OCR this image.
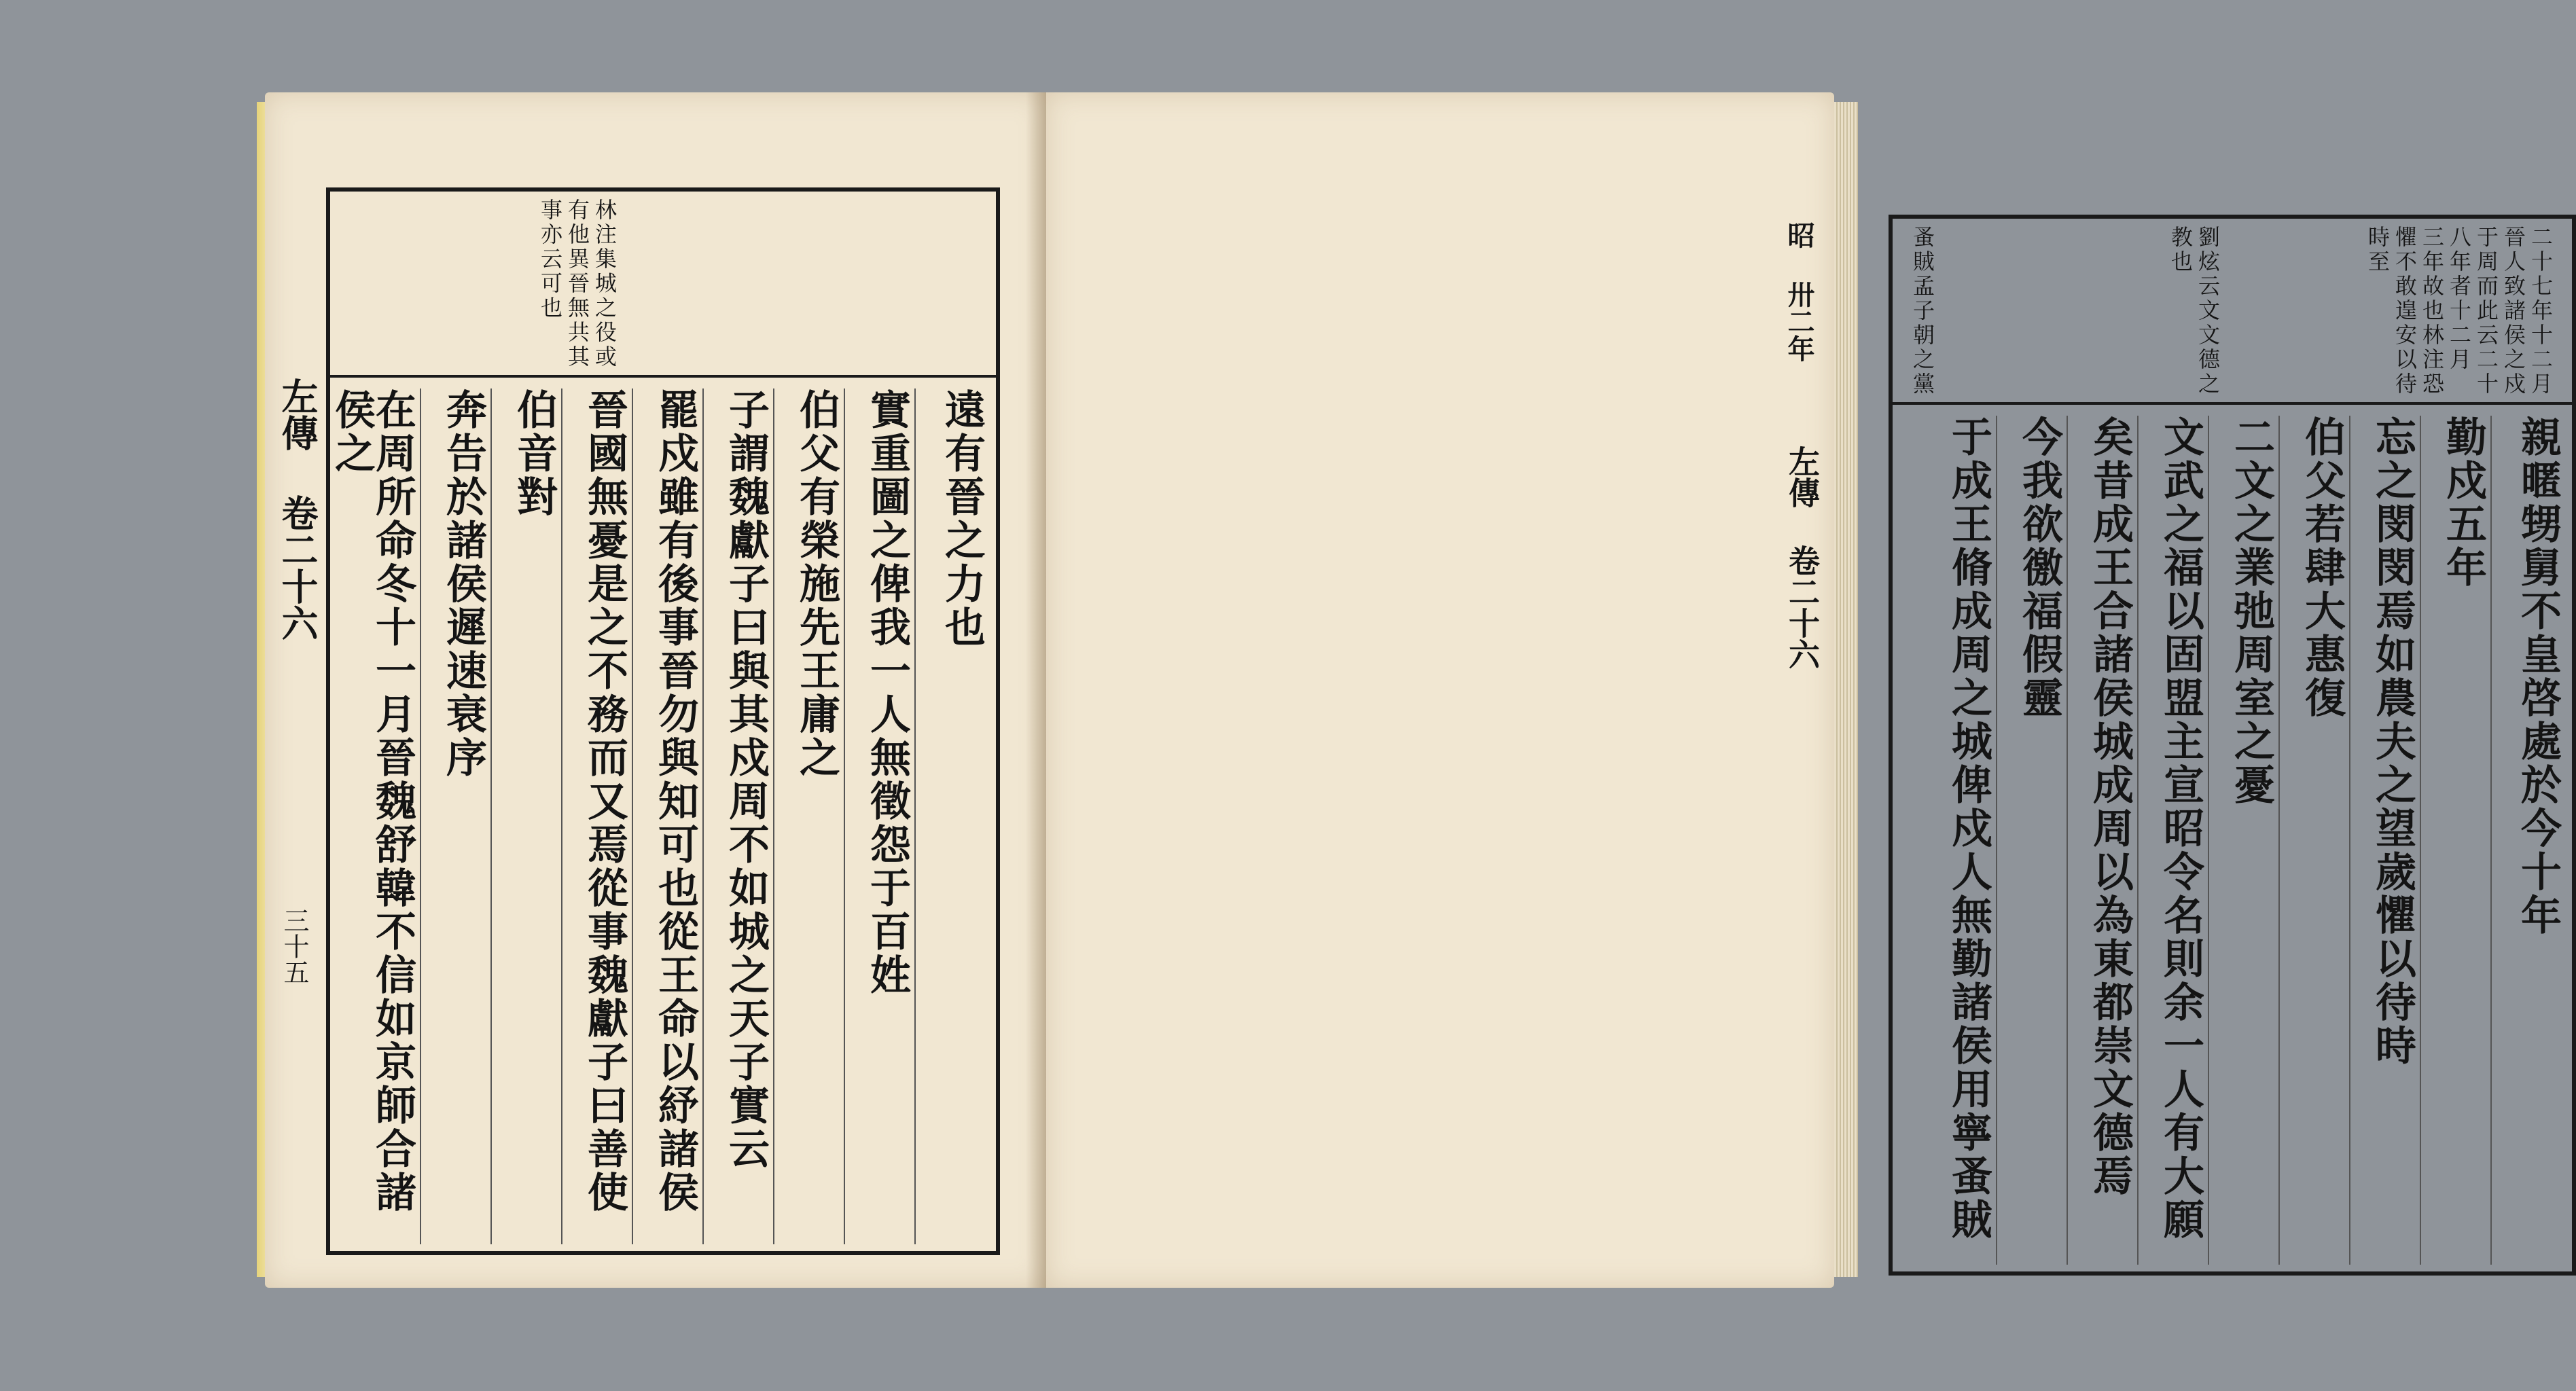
林注集城之役或
有他異晉無共其
事亦云可也
遠有晉之力也
實重圖之俾我一人無徵怨于百姓
伯父有榮施先王庸之
子謂魏獻子曰與其戍周不如城之天子實云
罷戍雖有後事晉勿與知可也從王命以紓諸侯
晉國無憂是之不務而又焉從事魏獻子曰善使
伯音對
奔告於諸侯遲速衰序
在周所命冬十一月晉魏舒韓不信如京師合諸侯之
左傳 卷二十六
三十五
二十七年十二月
晉人致諸侯之戍
于周而此云二十
八年者十二月
三年故也林注恐
懼不敢遑安以待
時至
劉炫云文文德之
教也
蚤賊孟子朝之黨
親暱甥舅不皇啓處於今十年
勤戍五年
忘之閔閔焉如農夫之望歲懼以待時
伯父若肆大惠復
二文之業弛周室之憂
文武之福以固盟主宣昭令名則余一人有大願
矣昔成王合諸侯城成周以為東都崇文德焉
今我欲徼福假靈
于成王脩成周之城俾戍人無勤諸侯用寧蚤賊
昭 卅二年
左傳 卷二十六
